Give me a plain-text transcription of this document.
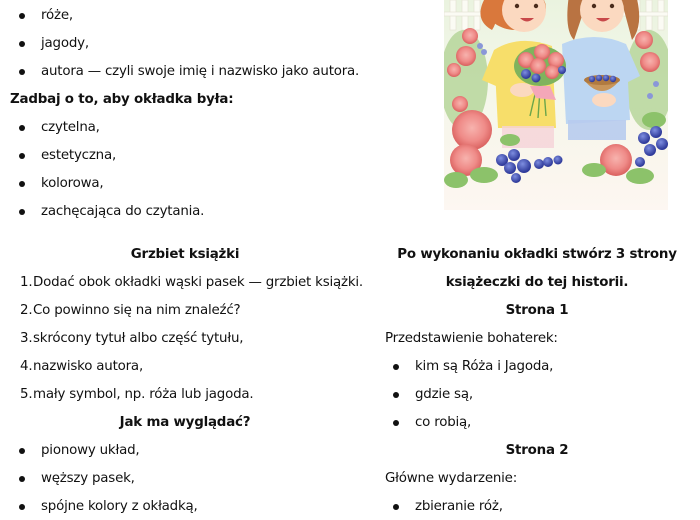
róże,
jagody,
autora — czyli swoje imię i nazwisko jako autora.
Zadbaj o to, aby okładka była:
czytelna,
estetyczna,
kolorowa,
zachęcająca do czytania.
Grzbiet książki
1. Dodać obok okładki wąski pasek — grzbiet książki.
2. Co powinno się na nim znaleźć?
3. skrócony tytuł albo część tytułu,
4. nazwisko autora,
5. mały symbol, np. róża lub jagoda.
Jak ma wyglądać?
pionowy układ,
węższy pasek,
spójne kolory z okładką,
Po wykonaniu okładki stwórz 3 strony
książeczki do tej historii.
Strona 1
Przedstawienie bohaterek:
kim są Róża i Jagoda,
gdzie są,
co robią,
Strona 2
Główne wydarzenie:
zbieranie róż,
